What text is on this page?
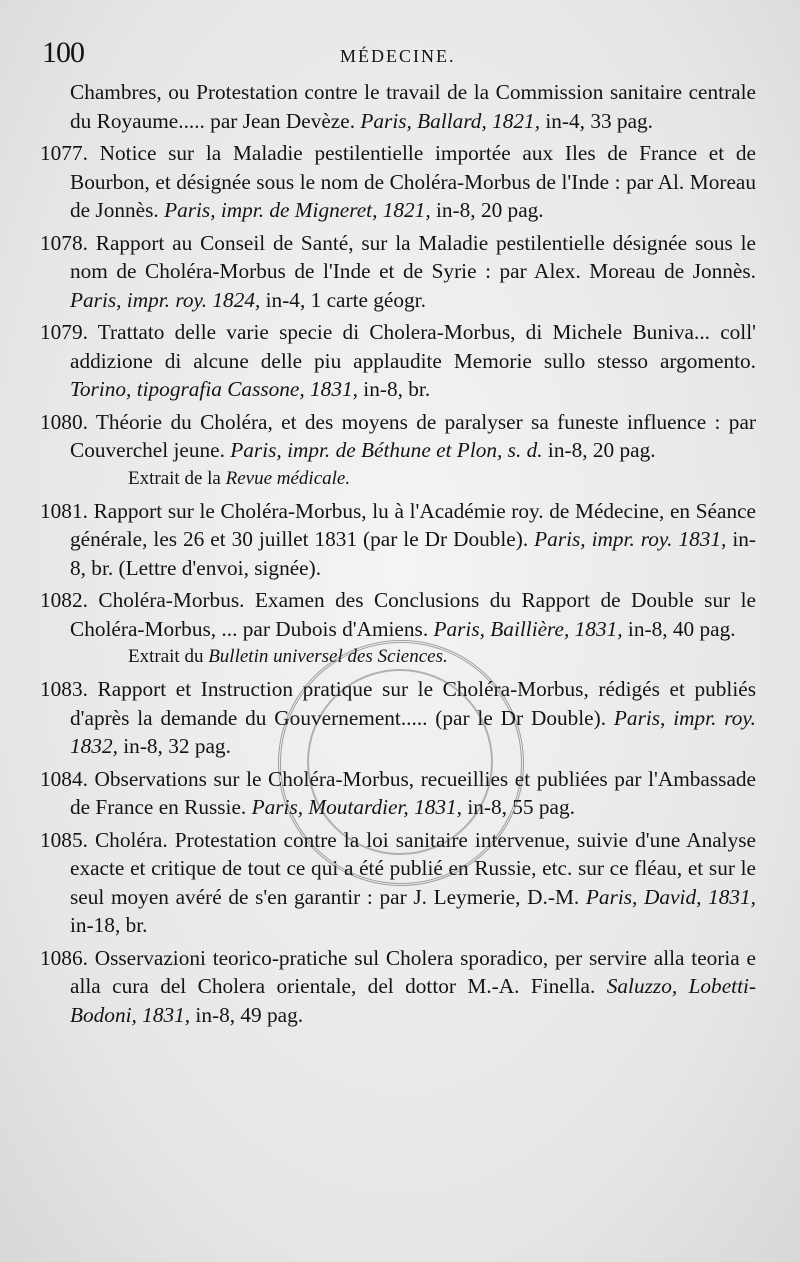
100	MÉDECINE.

Chambres, ou Protestation contre le travail de la Commission sanitaire centrale du Royaume..... par Jean Devèze. Paris, Ballard, 1821, in-4, 33 pag.

1077. Notice sur la Maladie pestilentielle importée aux Iles de France et de Bourbon, et désignée sous le nom de Choléra-Morbus de l'Inde : par Al. Moreau de Jonnès. Paris, impr. de Migneret, 1821, in-8, 20 pag.

1078. Rapport au Conseil de Santé, sur la Maladie pestilentielle désignée sous le nom de Choléra-Morbus de l'Inde et de Syrie : par Alex. Moreau de Jonnès. Paris, impr. roy. 1824, in-4, 1 carte géogr.

1079. Trattato delle varie specie di Cholera-Morbus, di Michele Buniva... coll' addizione di alcune delle piu applaudite Memorie sullo stesso argomento. Torino, tipografia Cassone, 1831, in-8, br.

1080. Théorie du Choléra, et des moyens de paralyser sa funeste influence : par Couverchel jeune. Paris, impr. de Béthune et Plon, s. d. in-8, 20 pag.

Extrait de la Revue médicale.

1081. Rapport sur le Choléra-Morbus, lu à l'Académie roy. de Médecine, en Séance générale, les 26 et 30 juillet 1831 (par le Dr Double). Paris, impr. roy. 1831, in-8, br. (Lettre d'envoi, signée).

1082. Choléra-Morbus. Examen des Conclusions du Rapport de Double sur le Choléra-Morbus, ... par Dubois d'Amiens. Paris, Baillière, 1831, in-8, 40 pag.

Extrait du Bulletin universel des Sciences.

1083. Rapport et Instruction pratique sur le Choléra-Morbus, rédigés et publiés d'après la demande du Gouvernement..... (par le Dr Double). Paris, impr. roy. 1832, in-8, 32 pag.

1084. Observations sur le Choléra-Morbus, recueillies et publiées par l'Ambassade de France en Russie. Paris, Moutardier, 1831, in-8, 55 pag.

1085. Choléra. Protestation contre la loi sanitaire intervenue, suivie d'une Analyse exacte et critique de tout ce qui a été publié en Russie, etc. sur ce fléau, et sur le seul moyen avéré de s'en garantir : par J. Leymerie, D.-M. Paris, David, 1831, in-18, br.

1086. Osservazioni teorico-pratiche sul Cholera sporadico, per servire alla teoria e alla cura del Cholera orientale, del dottor M.-A. Finella. Saluzzo, Lobetti-Bodoni, 1831, in-8, 49 pag.
